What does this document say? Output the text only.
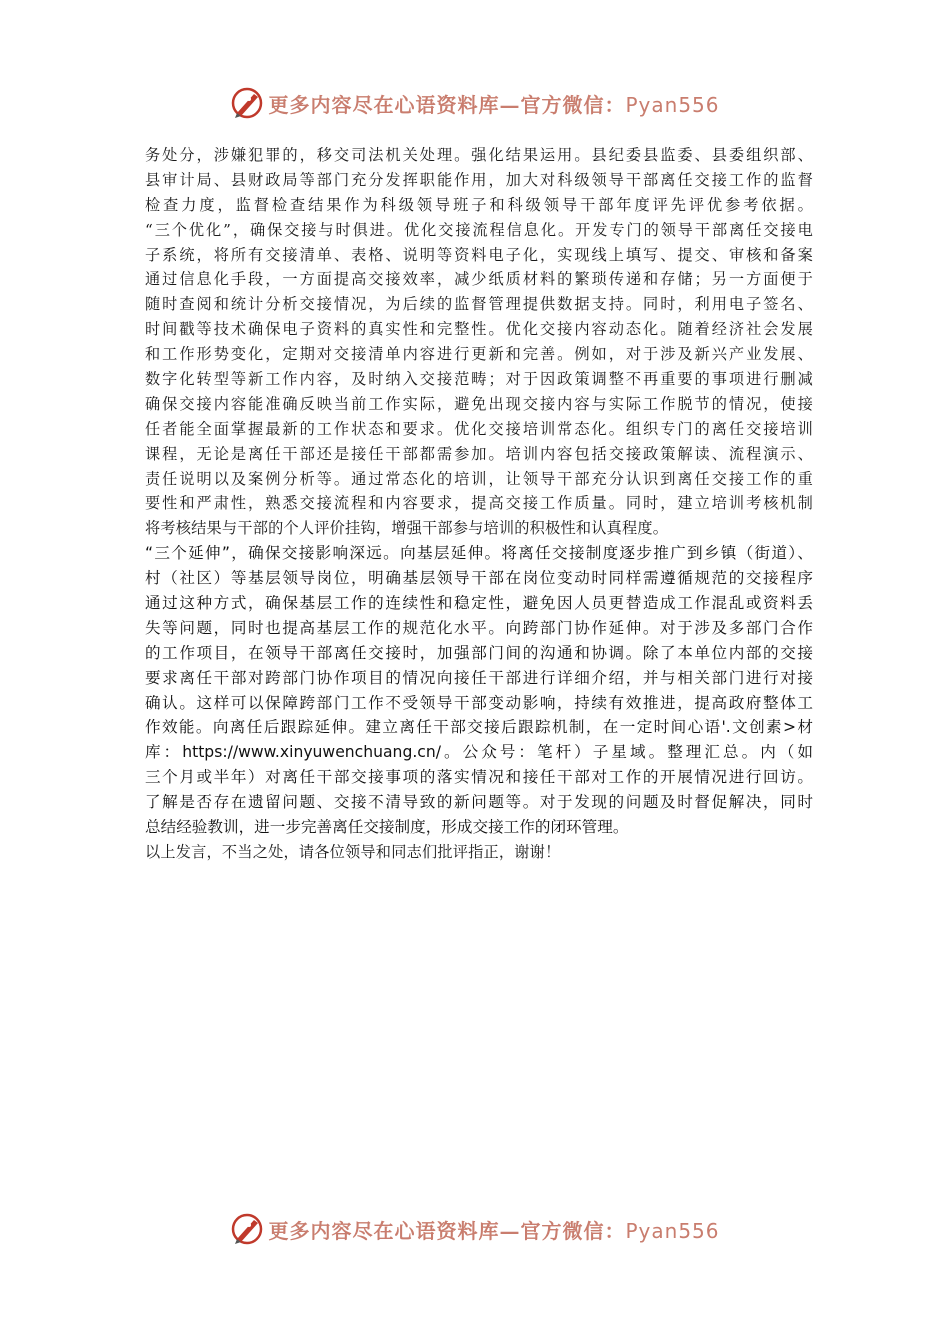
更多内容尽在心语资料库—官方微信：Pyan556
务处分，涉嫌犯罪的，移交司法机关处理。强化结果运用。县纪委县监委、县委组织部、
县审计局、县财政局等部门充分发挥职能作用，加大对科级领导干部离任交接工作的监督
检查力度，监督检查结果作为科级领导班子和科级领导干部年度评先评优参考依据。
“三个优化”，确保交接与时俱进。优化交接流程信息化。开发专门的领导干部离任交接电
子系统，将所有交接清单、表格、说明等资料电子化，实现线上填写、提交、审核和备案
通过信息化手段，一方面提高交接效率，减少纸质材料的繁琐传递和存储；另一方面便于
随时查阅和统计分析交接情况，为后续的监督管理提供数据支持。同时，利用电子签名、
时间戳等技术确保电子资料的真实性和完整性。优化交接内容动态化。随着经济社会发展
和工作形势变化，定期对交接清单内容进行更新和完善。例如，对于涉及新兴产业发展、
数字化转型等新工作内容，及时纳入交接范畴；对于因政策调整不再重要的事项进行删减
确保交接内容能准确反映当前工作实际，避免出现交接内容与实际工作脱节的情况，使接
任者能全面掌握最新的工作状态和要求。优化交接培训常态化。组织专门的离任交接培训
课程，无论是离任干部还是接任干部都需参加。培训内容包括交接政策解读、流程演示、
责任说明以及案例分析等。通过常态化的培训，让领导干部充分认识到离任交接工作的重
要性和严肃性，熟悉交接流程和内容要求，提高交接工作质量。同时，建立培训考核机制
将考核结果与干部的个人评价挂钩，增强干部参与培训的积极性和认真程度。
“三个延伸”，确保交接影响深远。向基层延伸。将离任交接制度逐步推广到乡镇（街道）、
村（社区）等基层领导岗位，明确基层领导干部在岗位变动时同样需遵循规范的交接程序
通过这种方式，确保基层工作的连续性和稳定性，避免因人员更替造成工作混乱或资料丢
失等问题，同时也提高基层工作的规范化水平。向跨部门协作延伸。对于涉及多部门合作
的工作项目，在领导干部离任交接时，加强部门间的沟通和协调。除了本单位内部的交接
要求离任干部对跨部门协作项目的情况向接任干部进行详细介绍，并与相关部门进行对接
确认。这样可以保障跨部门工作不受领导干部变动影响，持续有效推进，提高政府整体工
作效能。向离任后跟踪延伸。建立离任干部交接后跟踪机制，在一定时间心语'.文创素>材
库：https://www.xinyuwenchuang.cn/。公众号：笔杆）子星域。整理汇总。内（如
三个月或半年）对离任干部交接事项的落实情况和接任干部对工作的开展情况进行回访。
了解是否存在遗留问题、交接不清导致的新问题等。对于发现的问题及时督促解决，同时
总结经验教训，进一步完善离任交接制度，形成交接工作的闭环管理。
以上发言，不当之处，请各位领导和同志们批评指正，谢谢！
更多内容尽在心语资料库—官方微信：Pyan556
